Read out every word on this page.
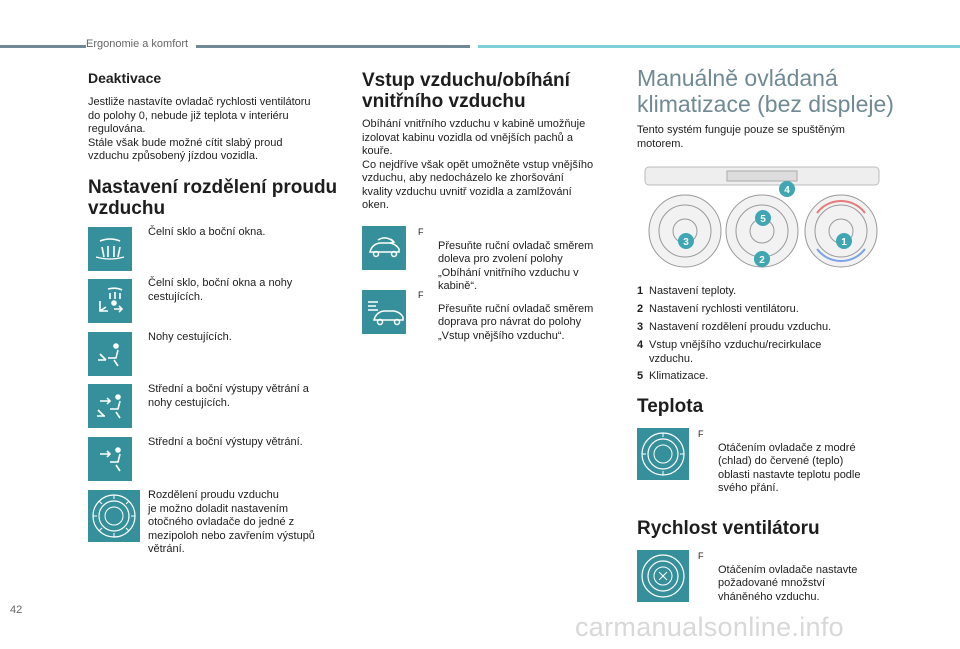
Ergonomie a komfort
42
carmanualsonline.info
Deaktivace
Jestliže nastavíte ovladač rychlosti ventilátoru
do polohy 0, nebude již teplota v interiéru
regulována.
Stále však bude možné cítit slabý proud
vzduchu způsobený jízdou vozidla.
Nastavení rozdělení proudu
vzduchu
Čelní sklo a boční okna.
Čelní sklo, boční okna a nohy
cestujících.
Nohy cestujících.
Střední a boční výstupy větrání a
nohy cestujících.
Střední a boční výstupy větrání.
Rozdělení proudu vzduchu
je možno doladit nastavením
otočného ovladače do jedné z
mezipoloh nebo zavřením výstupů
větrání.
Vstup vzduchu/obíhání
vnitřního vzduchu
Obíhání vnitřního vzduchu v kabině umožňuje
izolovat kabinu vozidla od vnějších pachů a
kouře.
Co nejdříve však opět umožněte vstup vnějšího
vzduchu, aby nedocházelo ke zhoršování
kvality vzduchu uvnitř vozidla a zamlžování
oken.

F
Přesuňte ruční ovladač směrem
doleva pro zvolení polohy
„Obíhání vnitřního vzduchu v
kabině“.

F
Přesuňte ruční ovladač směrem
doprava pro návrat do polohy
„Vstup vnějšího vzduchu“.

Manuálně ovládaná
klimatizace (bez displeje)
Tento systém funguje pouze se spuštěným
motorem.
4
5
3
2
1
1 Nastavení teploty.
2 Nastavení rychlosti ventilátoru.
3 Nastavení rozdělení proudu vzduchu.
4 Vstup vnějšího vzduchu/recirkulace
vzduchu.
5 Klimatizace.
Teplota

F
Otáčením ovladače z modré
(chlad) do červené (teplo)
oblasti nastavte teplotu podle
svého přání.

Rychlost ventilátoru

F
Otáčením ovladače nastavte
požadované množství
vháněného vzduchu.
